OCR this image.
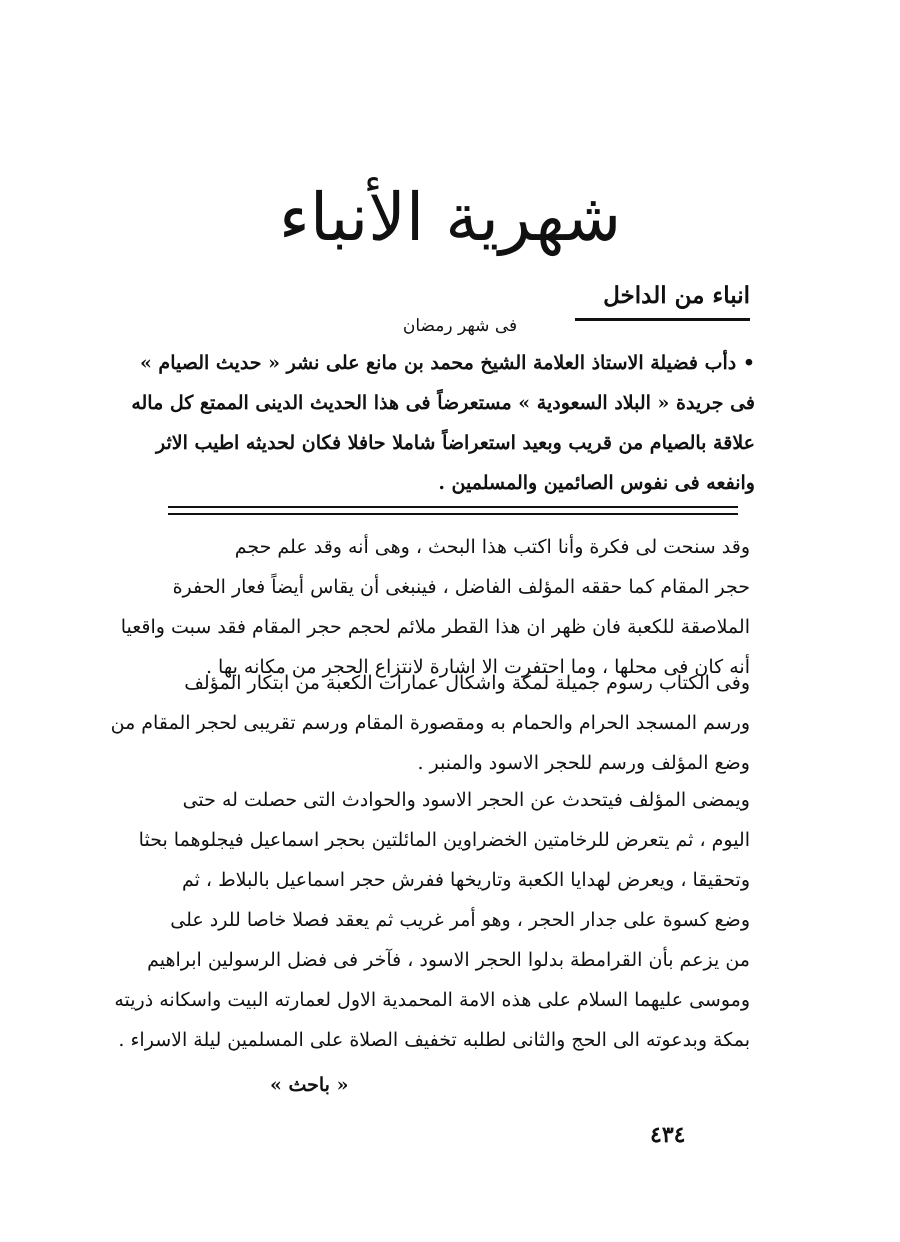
شهرية الأنباء
انباء من الداخل
فى شهر رمضان
• دأب فضيلة الاستاذ العلامة الشيخ محمد بن مانع على نشر « حديث الصيام »
فى جريدة « البلاد السعودية » مستعرضاً فى هذا الحديث الدينى الممتع كل ماله
علاقة بالصيام من قريب وبعيد استعراضاً شاملا حافلا فكان لحديثه اطيب الاثر
وانفعه فى نفوس الصائمين والمسلمين .
وقد سنحت لى فكرة وأنا اكتب هذا البحث ، وهى أنه وقد علم حجم
حجر المقام كما حققه المؤلف الفاضل ، فينبغى أن يقاس أيضاً فعار الحفرة
الملاصقة للكعبة فان ظهر ان هذا القطر ملائم لحجم حجر المقام فقد سبت واقعيا
أنه كان فى محلها ، وما احتفرت الا اشارة لانتزاع الحجر من مكانه بها .
وفى الكتاب رسوم جميلة لمكة واشكال عمارات الكعبة من ابتكار المؤلف
ورسم المسجد الحرام والحمام به ومقصورة المقام ورسم تقريبى لحجر المقام من
وضع المؤلف ورسم للحجر الاسود والمنبر .
ويمضى المؤلف فيتحدث عن الحجر الاسود والحوادث التى حصلت له حتى
اليوم ، ثم يتعرض للرخامتين الخضراوين المائلتين بحجر اسماعيل فيجلوهما بحثا
وتحقيقا ، ويعرض لهدايا الكعبة وتاريخها ففرش حجر اسماعيل بالبلاط ، ثم
وضع كسوة على جدار الحجر ، وهو أمر غريب ثم يعقد فصلا خاصا للرد على
من يزعم بأن القرامطة بدلوا الحجر الاسود ، فآخر فى فضل الرسولين ابراهيم
وموسى عليهما السلام على هذه الامة المحمدية الاول لعمارته البيت واسكانه ذريته
بمكة وبدعوته الى الحج والثانى لطلبه تخفيف الصلاة على المسلمين ليلة الاسراء .
« باحث »
٤٣٤
